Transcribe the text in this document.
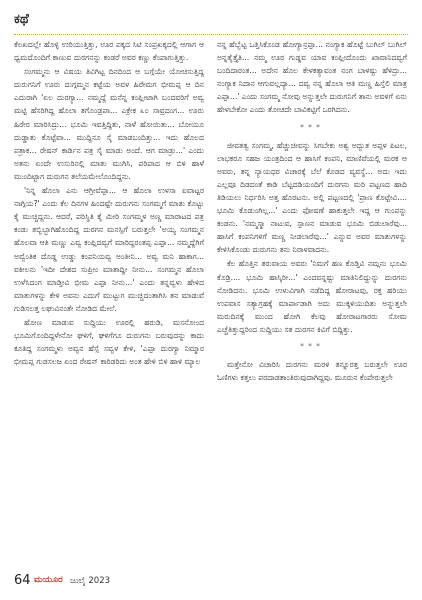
ಕಥೆ

ಕೆಲಖದಲ್ಲೇ ಹೊಳ್ಳಿ ಉರಿಯುತ್ತಿತ್ತು, ಊರ ಪಕ್ಕದ ಸಿಟಿ ಸಂಪ್ರಖಕ್ಕದಲ್ಲಿ ಆಗಾಗ ಆ ಧ್ವಮದೊಂದಿಗೆ ಕಾಣುವ ದುರಗನನ್ನು ಕಂಡರೆ ಅವರ ಕಣ್ಣು ಕೆಂಪಾಗುತ್ತಿತ್ತು.

ಸಂಗಮ್ಮನು ಆ ವಿಷಯ ತಿವಿಗಿಟ್ಟ ದಿನದಿಂದ ಆ ಬಗ್ಗೆಯೇ ಯೋಚಿಸುತ್ತಿದ್ದ ದುರುಗನಿಗೆ ಊರು ದುಗ್ಗಮ್ಮನ ಕಟ್ಟೆಯ ಅವಳ ಹಿರೇಮಗ ಭೀಮಪ್ಪ ಆ ದಿನ ಎದುರಾಗಿ 'ಏಲ ದುರಗ್ಯಾ... ನಮ್ಮದ್ದೆ ಮನೆನ್ನ ಕಂಪ್ಲೀಟಾಗಿ ಬಂದವರಿಗೆ ಅವ್ವ ಮಟ್ಟಿ ಹೆಸರಿಗಿದ್ದ ಹೊಲಾ ತಗೊಂಡ್ರಪಾ... ಎಕ್ರೇಕ ೩೦ ಸಾವ್ರದಂಗ... ಊರು ಹಿರೇರ ಮಾರಿಸಿದ್ರು... ಭೂಮಿ ಇವತ್ತಿದ್ದಿತು, ನಾಳೆ ಹೋಯಿತು... ಬೋಯೂ ದುಡ್ಡಾತು ಕೊಟ್ಟೆವಾ... ಮುದ್ದಿನೂ ಸೈ ಮಾಡಬಂದಿತ್ತು... ಇದು ಹೊಲದ ಪತ್ರಾಕ... ರೇಷನ್ ಕಾರ್ಡಿನ ಪತ್ರ ಸೈ ಮಾಡು ಅಂದೆ. ಆಗ ಮಾಡ್ರು...' ಎಂದು ಅತನು ಏಂದೇ ಉಸುರಿನಲ್ಲಿ ಮಾತು ಮುಗಿಸಿ, ಪರಿಪಾದ ಆ ಬಿಳಿ ಹಾಳೆ ಮುಂದಿಟ್ಟಾಗ ದುರುಗನ ತಲೆಯಮೇಲೊಂದಿದ್ದನು.

'ನಿನ್ನ ಹೊಲಾ ಎನು ಆಗ್ರೀವೆಪ್ಪಾ... ಆ ಹೊಲಾ ಉಳಸಾ ಐವಾಟ್ಟರ ನಾಗ್ಗಿಯ?' ಎಂದು ಕೆಲ ದಿನಗಳ ಹಿಂದಷ್ಟೇ ದುರುಗನು ಸಂಗಮ್ಮಗೆ ಮಾತು ಕೊಟ್ಟು ಕೈ ಮುಚ್ಚಿದ್ದನು. ಆದರೆ, ಪರಿಸ್ಥಿತಿ ಕೈ ಮೀರಿ ಸಂಗಮ್ಮಳ ಅಣ್ಣ ಮಾರಾಟದ ಪತ್ರ ಕಂಡು ತಬ್ಬಿಬ್ಬಾಗಿಹೊಂದಿದ್ದ ದುರಗನ ಮನಸ್ಸಿಗೆ ಬರುತ್ತಲೇ 'ಅಯ್ಯ ಸಂಗಮ್ಮನ ಹೊಲವಾ ಆತಿ ಮಣ್ಣು ಎವ್ವ ಕಂಪ್ಲಿದವ್ವಗೆ ಮಾರಿದ್ದರಂತಪ್ಪ ಎಪ್ಪಾ... ನಮ್ಮದ್ದೆಗಿಗೆ ಅವ್ವೆಂತಿಕ ದೊಡ್ಡ ಉಡ್ಡು ಕಂಪನಿಯವ್ವ ಅಂತೀನಿ... ಅವ್ವ ಮನಿ ಹಾಕಾಗ... ವಕೀಲನು 'ಇದೀ ದೇಶದ ಸುಪ್ರೀಂ ಮಾತಾದ್ದೀ ನೀನು... ಸಂಗಮ್ಮನ ಹೊಲಾ ಉಳೆಸಿದಂಗ ಮಾಡ್ತೀವಿ ಭೀಮ ಎಪ್ಪಾ ನೀನು...' ಎಂದು ತನ್ನವ್ವಳು ಹೇಳಿದ ಮಾತುಗಳನ್ನು ಕೇಳಿ ಅವನು ಎದುಗೆ ಮುಟ್ಟುಗ ಮುಚ್ಚಿದಂತಾಗಿಸಿ ತನ ಮಾಡುವೆ ಗುಡಿಸಲತ್ತ ಲಘುವಿನಂತೇ ನೋಡಿದ ಮೇಲೆ.

ಹೋಣ ಮಾಡುವ ಸುದ್ದಿಯು ಊರಲ್ಲಿ ಹರುಡಿ, ಮಸನೋಂದ ಭೂಮಿಗೊಂದಿದ್ದಳೇನೋ ಘಳಿಗೆ, ಘಳಿಗೆಗೂ ದುರುಗನು ಬರುವುದನ್ನು ಕಾದು ಕೂತಿದ್ದ ಸಂಗಮ್ಮಳು ಅವ್ವನ ಹೆಸ್ಸೆ ಸವ್ವಳ ಕೇಳಿ, 'ಎಪ್ಪಾ ದುರಗ್ಯಾ ನಿಮ್ಮಾರ ಭೀಮಪ್ಪ ಗುಡಸಲಜ ಏಂದ ರೇಷನ್ ಕಾರಿಡರಿದು ಅಂತ ಹೇಳಿ ಬಿಳಿ ಹಾಳಿ ಮ್ಯಾಲ

ನನ್ನ ಹೆಬ್ಬೆಟ್ಟ ಒತ್ತಿಸಿಕೊಂಡ ಹೋಗ್ಯಾನ್ರಪ್ಪಾ... ನಂಗ್ಯಾಕ ಹೊಟ್ಟೆ ಬುಗಿಲ್ ಬುಗಿಲ್ ಅನ್ನತೈತ್ತೈತಿ... ನಮ್ಮ ಊರ ಗುಡ್ಡವ ಯಾವ ಕಂಪ್ಲೀದೊಂದು ಖಾವಾನಿದವ್ವಗೆ ಬಂದಿದಾರಂತ... ಅದೇನ ಹೊಲ ಕೇಳಕತ್ಯಾವಂತ ನಂಗ ಬಾಳಷ್ಟು ಹೆಳಿದ್ರು... ನಂಗ್ಯಾಕ ನಿದಾನ ಆಗುವಲ್ಲದ್ಯಾ... ದವ್ವ ನನ್ನ ಹೊಲಾ ಆತಿ ಮಣ್ಣ ಹಿಸ್ತೆಲಿ ಮಾತ್ರ ಎಪ್ಪಾ...' ಎಂದು ಸಂಗಮ್ಮ ನೋವು ಅನ್ನುತ್ತಲೇ ದುರುಗನಿಗೆ ತಾನು ಅವಳಿಗೆ ಏನು ಹೇಳಬೇಕೋ ಎಂದು ತೋಚದೇ ಬಾವಿಕಟ್ಟಿಗೆ ಒರಗಿದನು.

***

ಜೀವತತ್ವ ಸಂಗಮ್ಮ, ಹೆಚ್ಚುಚೀವನ್ನು ಸಿಗಬೇಕು ಅಶ್ವ ಅದ್ಭುತ ಅಪ್ಪಳ ಪಿಟಲ, ಲಾಭಕರೂ ಸಹಜ ಯಂತ್ರದಿಂದ ಆ ಹಾಸಿಗೆ ಕಂಪನಿ, ಮಾಣಿವೆಯಲ್ಲಿ ಮರಕ ಆ ಅವರು, ತನ್ನ ನ್ಯಾಯಧರ ವಿಚಾರಕ್ಕೆ ಬೆಲೆ ಕೊಡದ ವ್ಯವಸ್ಥೆ... ಅದು ಇದು ಎಲ್ಲವೂ ದಿಡದಂತೆ ಕಾಡಿ ಬೆಟ್ಟದಡಿಯಂದಿಗೆ ದುರಗನು ಮರಿ ಪಟ್ಟಣದ ಹಾದಿ ತಿಡಿಯಲು ನಿರ್ಧರಿಸಿ ಅತ್ತ ಹೊರಟನು. ಅಲ್ಲಿ ಪಟ್ಟಣದಲ್ಲಿ 'ಪ್ರಾಣ ಕೊಟ್ಟೇವಿ.... ಭೂಮಿ ಕೊಡುಂಗಿಲ್ಲ...' ಎಂದು ಫೋಷಣೆ ಹಾಕುತ್ತಲೇ ಇದ್ದ ಆ ಗುಂಪನ್ನು ಕಂಡನು. 'ನಮ್ಮಸ್ಮಾ ನಾಟುವ, ಸ್ಪಾಣನ ಮಾಡುವ ಭೂಮಿ ಬಿಡುಲಾರೆವು... ಹಾಸಿಗೆ ಕಂಪನಿಗಳಿಗೆ ಮಣ್ಣ ನೀಡಲಾರೆವು...' ಎನ್ನುವ ಅವರ ಮಾತುಗಳನ್ನು ಕೇಳಿಸಿಕೊಂಡು ದುರುಗನು ತನು ನಿರಾಳವಾದನು.

ಕೆಲ ಹೊತ್ತಿನ ತರುವಾಯ ಅವರು 'ನಿಮಗೆ ಹಣ ಕೊಡ್ತಿವಿ ನಮ್ಗನು ಭೂಮಿ ಕೊಡ್ರಿ.... ಭೂಮಿ ಹಾಸ್ಕಿರೀ...' ಎಂದವನ್ನಷ್ಟು ಮಾತಿನಿಲಿದ್ದುನ್ನು ದುರಗನು ನೋಡಿದನು. ಭೂಮಿ ಉಳುವಿಗಾಗಿ ನಡೆದಿದ್ದ ಹೋರಾಟವು, ರಕ್ತ ಹರಿಯು ಉಪವಾಸ ಸತ್ಯಾಗ್ರಹಕ್ಕೆ ಮಾರ್ಪಾಡಾಗಿ ಅದು ಮುಕ್ಕಳಿಯುದಿತು ಅನ್ನುತ್ತಲೇ ಮರುದಿನಕ್ಕೆ ಮುಂದ ಹೋಗಿ ಕೆಲವು ಹೋರಾಟಗಾರರು ಸೋಮ ಎಚ್ಚೆತಿತ್ತುದ್ದರಿಂದ ಸುದ್ದಿಯು ಸತ ದುರಗನ ಕಿವಿಗೆ ಬಿದ್ದಿತ್ತು.

***

ಮತ್ತೇನೋ ವಿಚಾರಿಸಿ ದುರಗನು ಮರಳಿ ತನ್ನೂರತ್ತ ಬರುತ್ತಲೇ ಊರ ಓಣಿಗಳು ಕತ್ತಲು ಪರದಾಡತಾಂತಿರುವುದಾಗಿದ್ದವು. ಮೂರುನ ಕೆಂಪೇರುತ್ತಲೇ

64 ಮಯೂರ ಜುಲೈ 2023
